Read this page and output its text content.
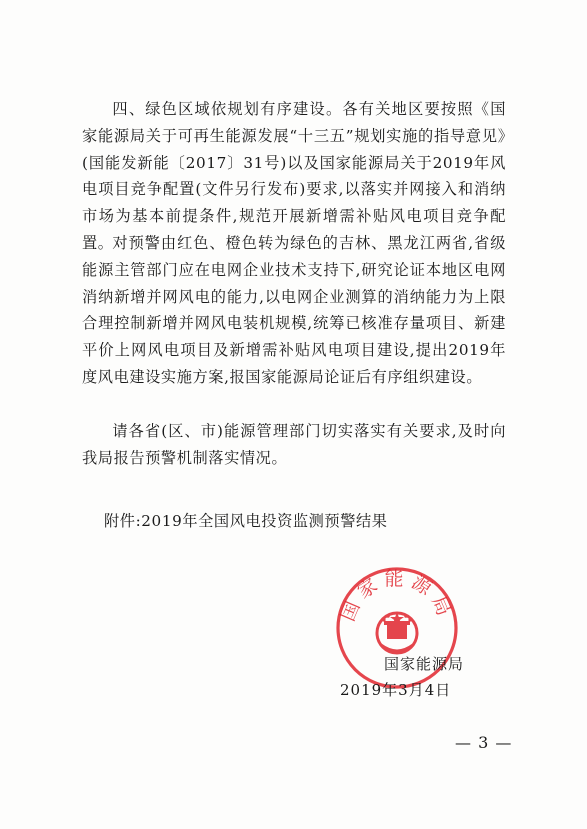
四、绿色区域依规划有序建设。各有关地区要按照《国家能源局关于可再生能源发展“十三五”规划实施的指导意见》(国能发新能〔2017〕31号)以及国家能源局关于2019年风电项目竞争配置(文件另行发布)要求,以落实并网接入和消纳市场为基本前提条件,规范开展新增需补贴风电项目竞争配置。

对预警由红色、橙色转为绿色的吉林、黑龙江两省,省级能源主管部门应在电网企业技术支持下,研究论证本地区电网消纳新增并网风电的能力,以电网企业测算的消纳能力为上限合理控制新增并网风电装机规模,统筹已核准存量项目、新建平价上网风电项目及新增需补贴风电项目建设,提出2019年度风电建设实施方案,报国家能源局论证后有序组织建设。

请各省(区、市)能源管理部门切实落实有关要求,及时向我局报告预警机制落实情况。

附件:2019年全国风电投资监测预警结果

国家能源局

国家能源局

2019年3月4日

— 3 —
